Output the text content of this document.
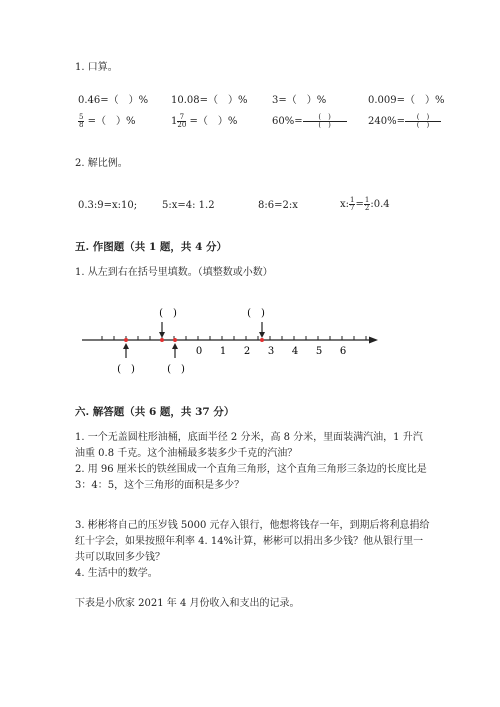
1. 口算。
0.46=（　）% 10.08=（　）% 3=（　）%	0.009=（　）%
$\frac{5}{8}$ =（　）%	$1 \frac{7}{20}$ =（　）%	$60\%= \frac{( )}{( )} 240\%= \frac{( )}{( )}$
2. 解比例。
0.3:9=x:10; 5:x=4: 1.2	8:6=2:x	x: $\frac{1}{7} = \frac{1}{2}$ :0.4
五. 作图题（共 1 题，共 4 分）
1. 从左到右在括号里填数。（填整数或小数）
0 1 2 3 4 5 6
(　)	(　)
(　)	(　)
六. 解答题（共 6 题，共 37 分）
1. 一个无盖圆柱形油桶，底面半径 2 分米，高 8 分米，里面装满汽油，1 升汽
油重 0.8 千克。这个油桶最多装多少千克的汽油？
2. 用 96 厘米长的铁丝围成一个直角三角形，这个直角三角形三条边的长度比是
3：4：5，这个三角形的面积是多少？
3. 彬彬将自己的压岁钱 5000 元存入银行，他想将钱存一年，到期后将利息捐给
红十字会，如果按照年利率 4. 14%计算，彬彬可以捐出多少钱？他从银行里一
共可以取回多少钱？
4. 生活中的数学。
下表是小欣家 2021 年 4 月份收入和支出的记录。
